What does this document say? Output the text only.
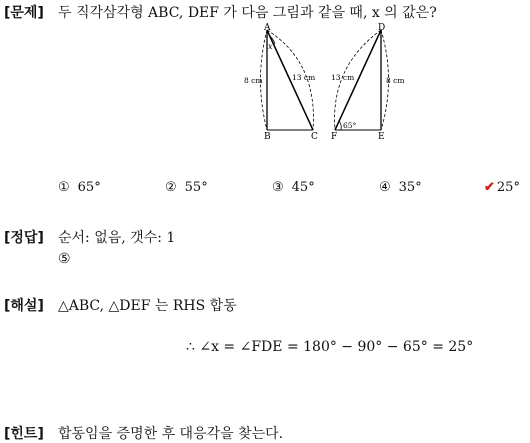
[문제] 두 직각삼각형 ABC, DEF 가 다음 그림과 같을 때, x 의 값은?
A
B	C
D
E
F
8 cm	13 cm 13 cm	8 cm
x
65°
① 65°	② 55°	③ 45°	④ 35°	✔ 25°
[정답] 순서: 없음, 갯수: 1
⑤
[해설] △ABC, △DEF 는 RHS 합동
∴ ∠x = ∠FDE = 180° − 90° − 65° = 25°
[힌트] 합동임을 증명한 후 대응각을 찾는다.
